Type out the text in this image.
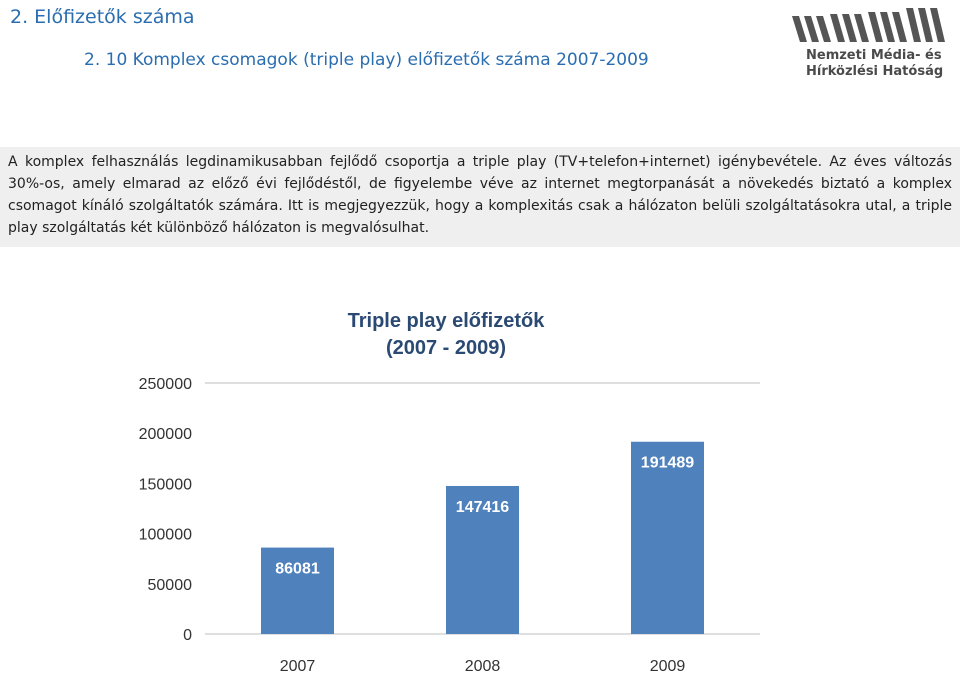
2. Előfizetők száma
2. 10 Komplex csomagok (triple play) előfizetők száma 2007-2009	Nemzeti Média- és
Hírközlési Hatóság

A komplex felhasználás legdinamikusabban fejlődő csoportja a triple play (TV+telefon+internet) igénybevétele. Az éves változás 30%-os, amely elmarad az előző évi fejlődéstől, de figyelembe véve az internet megtorpanását a növekedés biztató a komplex csomagot kínáló szolgáltatók számára. Itt is megjegyezzük, hogy a komplexitás csak a hálózaton belüli szolgáltatásokra utal, a triple play szolgáltatás két különböző hálózaton is megvalósulhat.

Triple play előfizetők
(2007 - 2009)
0
50000
100000
150000
200000
250000
86081
2007
147416
2008
191489
2009
